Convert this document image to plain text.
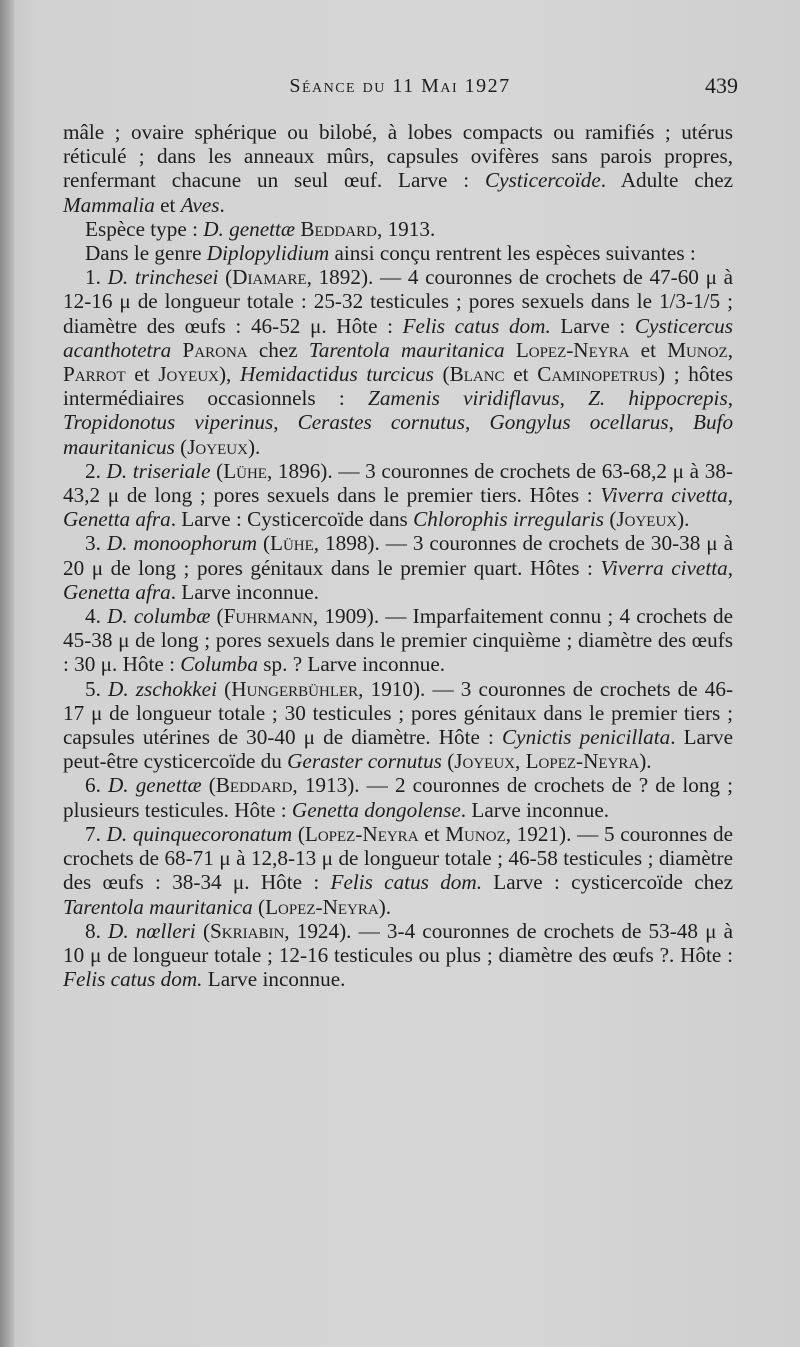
Séance du 11 Mai 1927	439

mâle ; ovaire sphérique ou bilobé, à lobes compacts ou ramifiés ; utérus réticulé ; dans les anneaux mûrs, capsules ovifères sans parois propres, renfermant chacune un seul œuf. Larve : Cysticercoïde. Adulte chez Mammalia et Aves.

Espèce type : D. genettæ Beddard, 1913.

Dans le genre Diplopylidium ainsi conçu rentrent les espèces suivantes :

1. D. trinchesei (Diamare, 1892). — 4 couronnes de crochets de 47-60 μ à 12-16 μ de longueur totale : 25-32 testicules ; pores sexuels dans le 1/3-1/5 ; diamètre des œufs : 46-52 μ. Hôte : Felis catus dom. Larve : Cysticercus acanthotetra Parona chez Tarentola mauritanica Lopez-Neyra et Munoz, Parrot et Joyeux), Hemidactidus turcicus (Blanc et Caminopetrus) ; hôtes intermédiaires occasionnels : Zamenis viridiflavus, Z. hippocrepis, Tropidonotus viperinus, Cerastes cornutus, Gongylus ocellarus, Bufo mauritanicus (Joyeux).

2. D. triseriale (Lühe, 1896). — 3 couronnes de crochets de 63-68,2 μ à 38-43,2 μ de long ; pores sexuels dans le premier tiers. Hôtes : Viverra civetta, Genetta afra. Larve : Cysticercoïde dans Chlorophis irregularis (Joyeux).

3. D. monoophorum (Lühe, 1898). — 3 couronnes de crochets de 30-38 μ à 20 μ de long ; pores génitaux dans le premier quart. Hôtes : Viverra civetta, Genetta afra. Larve inconnue.

4. D. columbæ (Fuhrmann, 1909). — Imparfaitement connu ; 4 crochets de 45-38 μ de long ; pores sexuels dans le premier cinquième ; diamètre des œufs : 30 μ. Hôte : Columba sp. ? Larve inconnue.

5. D. zschokkei (Hungerbühler, 1910). — 3 couronnes de crochets de 46-17 μ de longueur totale ; 30 testicules ; pores génitaux dans le premier tiers ; capsules utérines de 30-40 μ de diamètre. Hôte : Cynictis penicillata. Larve peut-être cysticercoïde du Geraster cornutus (Joyeux, Lopez-Neyra).

6. D. genettæ (Beddard, 1913). — 2 couronnes de crochets de ? de long ; plusieurs testicules. Hôte : Genetta dongolense. Larve inconnue.

7. D. quinquecoronatum (Lopez-Neyra et Munoz, 1921). — 5 couronnes de crochets de 68-71 μ à 12,8-13 μ de longueur totale ; 46-58 testicules ; diamètre des œufs : 38-34 μ. Hôte : Felis catus dom. Larve : cysticercoïde chez Tarentola mauritanica (Lopez-Neyra).

8. D. nœlleri (Skriabin, 1924). — 3-4 couronnes de crochets de 53-48 μ à 10 μ de longueur totale ; 12-16 testicules ou plus ; diamètre des œufs ?. Hôte : Felis catus dom. Larve inconnue.
